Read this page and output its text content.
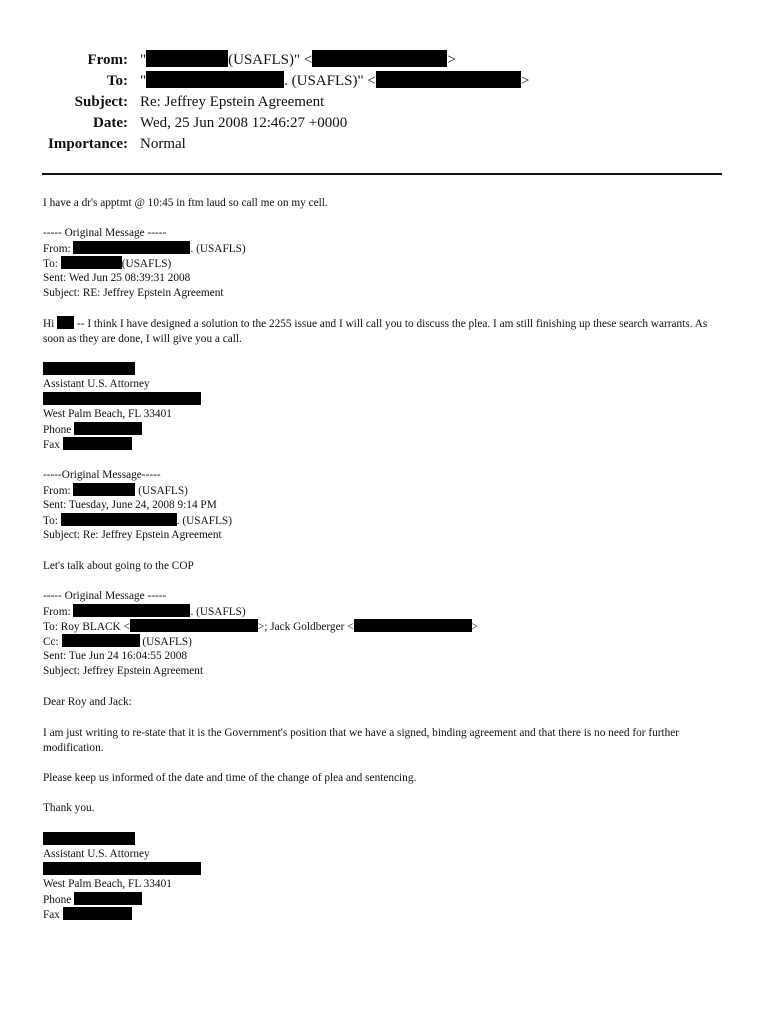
From: "	(USAFLS)" <	>
To: "	. (USAFLS)" <	>
Subject: Re: Jeffrey Epstein Agreement
Date: Wed, 25 Jun 2008 12:46:27 +0000
Importance: Normal
I have a dr's apptmt @ 10:45 in ftm laud so call me on my cell.
----- Original Message -----
From:	. (USAFLS)
To:	(USAFLS)
Sent: Wed Jun 25 08:39:31 2008
Subject: RE: Jeffrey Epstein Agreement
Hi -- I think I have designed a solution to the 2255 issue and I will call you to discuss the plea. I am still finishing up these search warrants. As soon as they are done, I will give you a call.
Assistant U.S. Attorney
West Palm Beach, FL 33401
Phone
Fax
-----Original Message-----
From:	(USAFLS)
Sent: Tuesday, June 24, 2008 9:14 PM
To:	. (USAFLS)
Subject: Re: Jeffrey Epstein Agreement
Let's talk about going to the COP
----- Original Message -----
From:	. (USAFLS)
To: Roy BLACK <	>; Jack Goldberger <	>
Cc:	(USAFLS)
Sent: Tue Jun 24 16:04:55 2008
Subject: Jeffrey Epstein Agreement
Dear Roy and Jack:
I am just writing to re-state that it is the Government's position that we have a signed, binding agreement and that there is no need for further modification.
Please keep us informed of the date and time of the change of plea and sentencing.
Thank you.
Assistant U.S. Attorney
West Palm Beach, FL 33401
Phone
Fax
